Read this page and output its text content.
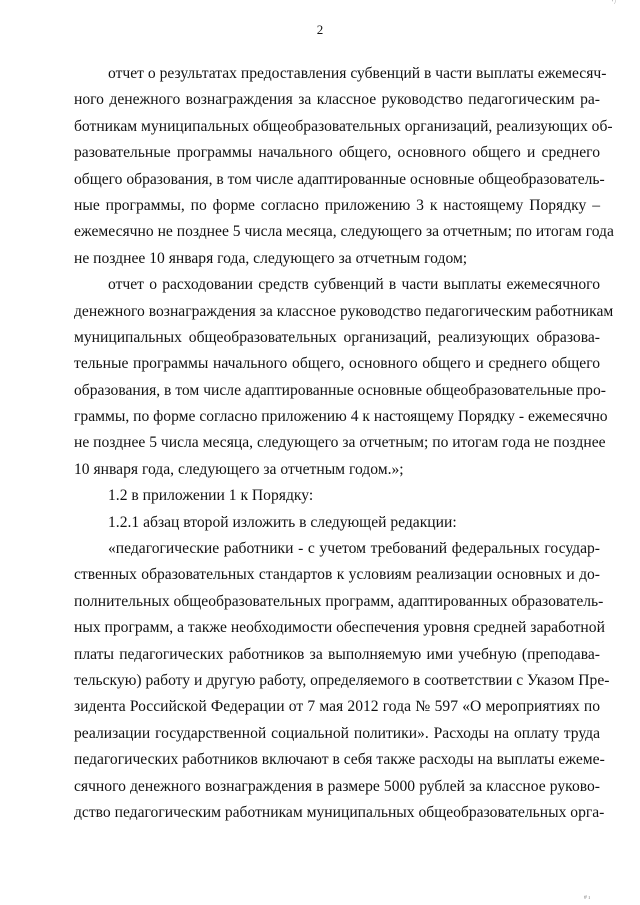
' /
2
отчет о результатах предоставления субвенций в части выплаты ежемесяч-
ного денежного вознаграждения за классное руководство педагогическим ра-
ботникам муниципальных общеобразовательных организаций, реализующих об-
разовательные программы начального общего, основного общего и среднего
общего образования, в том числе адаптированные основные общеобразователь-
ные программы, по форме согласно приложению 3 к настоящему Порядку –
ежемесячно не позднее 5 числа месяца, следующего за отчетным; по итогам года
не позднее 10 января года, следующего за отчетным годом;
отчет о расходовании средств субвенций в части выплаты ежемесячного
денежного вознаграждения за классное руководство педагогическим работникам
муниципальных общеобразовательных организаций, реализующих образова-
тельные программы начального общего, основного общего и среднего общего
образования, в том числе адаптированные основные общеобразовательные про-
граммы, по форме согласно приложению 4 к настоящему Порядку - ежемесячно
не позднее 5 числа месяца, следующего за отчетным; по итогам года не позднее
10 января года, следующего за отчетным годом.»;
1.2 в приложении 1 к Порядку:
1.2.1 абзац второй изложить в следующей редакции:
«педагогические работники - с учетом требований федеральных государ-
ственных образовательных стандартов к условиям реализации основных и до-
полнительных общеобразовательных программ, адаптированных образователь-
ных программ, а также необходимости обеспечения уровня средней заработной
платы педагогических работников за выполняемую ими учебную (преподава-
тельскую) работу и другую работу, определяемого в соответствии с Указом Пре-
зидента Российской Федерации от 7 мая 2012 года № 597 «О мероприятиях по
реализации государственной социальной политики». Расходы на оплату труда
педагогических работников включают в себя также расходы на выплаты ежеме-
сячного денежного вознаграждения в размере 5000 рублей за классное руково-
дство педагогическим работникам муниципальных общеобразовательных орга-
# ı
